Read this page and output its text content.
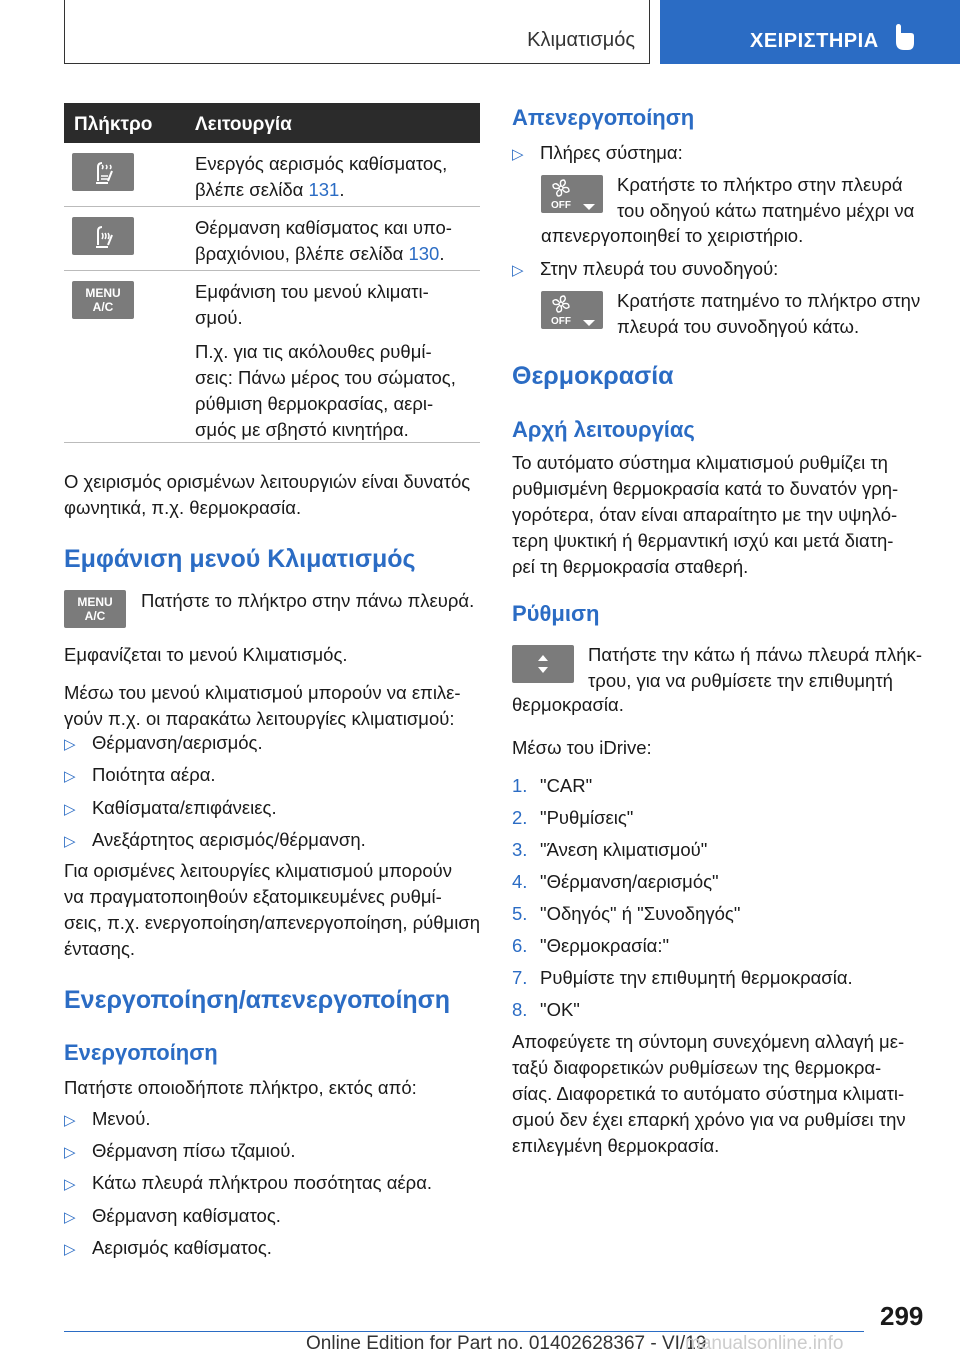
Κλιματισμός	ΧΕΙΡΙΣΤΗΡΙΑ
Πλήκτρο Λειτουργία
Ενεργός αερισμός καθίσματος,
βλέπε σελίδα 131.
Θέρμανση καθίσματος και υπο-
βραχιόνιου, βλέπε σελίδα 130.
MENU
A/C

Εμφάνιση του μενού κλιματι-
σμού.

Π.χ. για τις ακόλουθες ρυθμί-
σεις: Πάνω μέρος του σώματος,
ρύθμιση θερμοκρασίας, αερι-
σμός με σβηστό κινητήρα.

Ο χειρισμός ορισμένων λειτουργιών είναι δυνατός
φωνητικά, π.χ. θερμοκρασία.
Εμφάνιση μενού Κλιματισμός
MENU
A/C
Πατήστε το πλήκτρο στην πάνω πλευρά.
Εμφανίζεται το μενού Κλιματισμός.
Μέσω του μενού κλιματισμού μπορούν να επιλε-
γούν π.χ. οι παρακάτω λειτουργίες κλιματισμού:
▷ Θέρμανση/αερισμός.
▷ Ποιότητα αέρα.
▷ Καθίσματα/επιφάνειες.
▷ Ανεξάρτητος αερισμός/θέρμανση.
Για ορισμένες λειτουργίες κλιματισμού μπορούν
να πραγματοποιηθούν εξατομικευμένες ρυθμί-
σεις, π.χ. ενεργοποίηση/απενεργοποίηση, ρύθμιση
έντασης.
Ενεργοποίηση/απενεργοποίηση
Ενεργοποίηση
Πατήστε οποιοδήποτε πλήκτρο, εκτός από:
▷ Μενού.
▷ Θέρμανση πίσω τζαμιού.
▷ Κάτω πλευρά πλήκτρου ποσότητας αέρα.
▷ Θέρμανση καθίσματος.
▷ Αερισμός καθίσματος.
Απενεργοποίηση
▷ Πλήρες σύστημα:
OFF
Κρατήστε το πλήκτρο στην πλευρά
του οδηγού κάτω πατημένο μέχρι να
απενεργοποιηθεί το χειριστήριο.
▷ Στην πλευρά του συνοδηγού:
OFF
Κρατήστε πατημένο το πλήκτρο στην
πλευρά του συνοδηγού κάτω.
Θερμοκρασία
Αρχή λειτουργίας
Το αυτόματο σύστημα κλιματισμού ρυθμίζει τη
ρυθμισμένη θερμοκρασία κατά το δυνατόν γρη-
γορότερα, όταν είναι απαραίτητο με την υψηλό-
τερη ψυκτική ή θερμαντική ισχύ και μετά διατη-
ρεί τη θερμοκρασία σταθερή.
Ρύθμιση
Πατήστε την κάτω ή πάνω πλευρά πλήκ-
τρου, για να ρυθμίσετε την επιθυμητή
θερμοκρασία.
Μέσω του iDrive:
1. "CAR"
2. "Ρυθμίσεις"
3. "Άνεση κλιματισμού"
4. "Θέρμανση/αερισμός"
5. "Οδηγός" ή "Συνοδηγός"
6. "Θερμοκρασία:"
7. Ρυθμίστε την επιθυμητή θερμοκρασία.
8. "OK"
Αποφεύγετε τη σύντομη συνεχόμενη αλλαγή με-
ταξύ διαφορετικών ρυθμίσεων της θερμοκρα-
σίας. Διαφορετικά το αυτόματο σύστημα κλιματι-
σμού δεν έχει επαρκή χρόνο για να ρυθμίσει την
επιλεγμένη θερμοκρασία.
299
Online Edition for Part no. 01402628367 - VI/19
manualsonline.info
